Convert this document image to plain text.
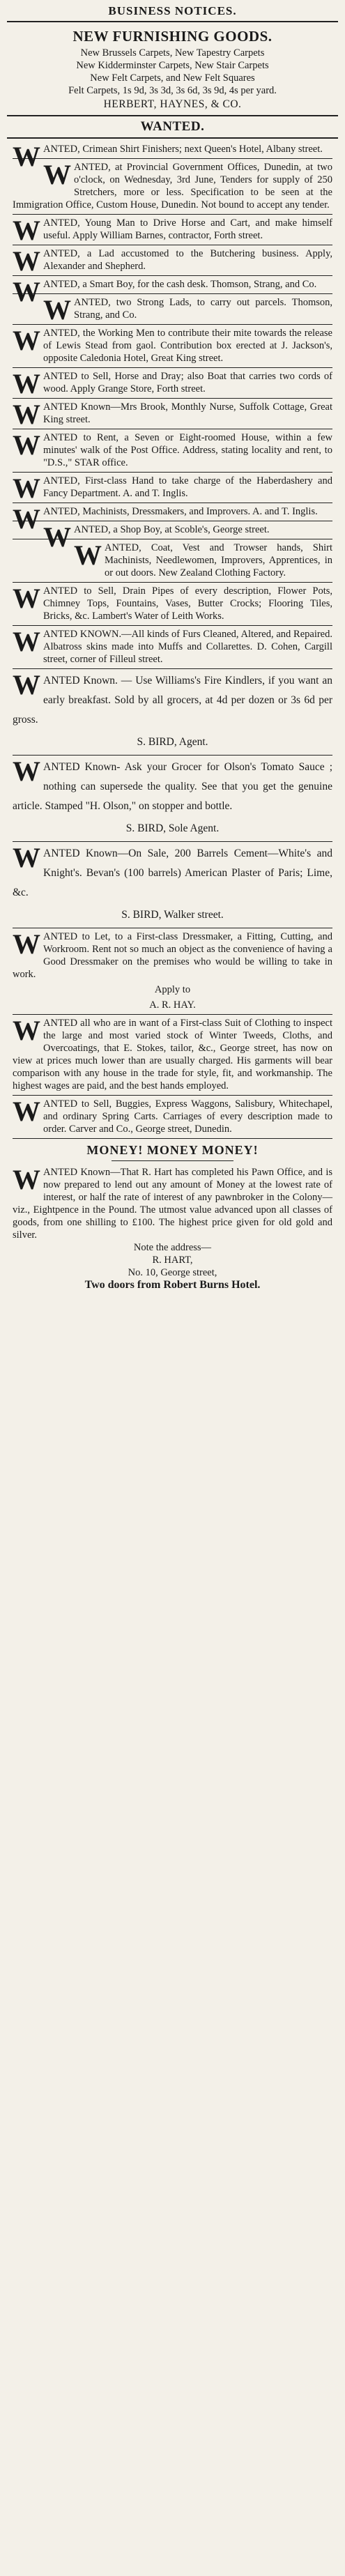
BUSINESS NOTICES.
NEW FURNISHING GOODS.
New Brussels Carpets, New Tapestry Carpets
New Kidderminster Carpets, New Stair Carpets
New Felt Carpets, and New Felt Squares
Felt Carpets, 1s 9d, 3s 3d, 3s 6d, 3s 9d, 4s per yard.
HERBERT, HAYNES, & CO.
WANTED.
WANTED, Crimean Shirt Finishers; next Queen's Hotel, Albany street.
WANTED, at Provincial Government Offices, Dunedin, at two o'clock, on Wednesday, 3rd June, Tenders for supply of 250 Stretchers, more or less. Specification to be seen at the Immigration Office, Custom House, Dunedin. Not bound to accept any tender.
WANTED, Young Man to Drive Horse and Cart, and make himself useful. Apply William Barnes, contractor, Forth street.
WANTED, a Lad accustomed to the Butchering business. Apply, Alexander and Shepherd.
WANTED, a Smart Boy, for the cash desk. Thomson, Strang, and Co.
WANTED, two Strong Lads, to carry out parcels. Thomson, Strang, and Co.
WANTED, the Working Men to contribute their mite towards the release of Lewis Stead from gaol. Contribution box erected at J. Jackson's, opposite Caledonia Hotel, Great King street.
WANTED to Sell, Horse and Dray; also Boat that carries two cords of wood. Apply Grange Store, Forth street.
WANTED Known—Mrs Brook, Monthly Nurse, Suffolk Cottage, Great King street.
WANTED to Rent, a Seven or Eight-roomed House, within a few minutes' walk of the Post Office. Address, stating locality and rent, to "D.S.," STAR office.
WANTED, First-class Hand to take charge of the Haberdashery and Fancy Department. A. and T. Inglis.
WANTED, Machinists, Dressmakers, and Improvers. A. and T. Inglis.
WANTED, a Shop Boy, at Scoble's, George street.
WANTED, Coat, Vest and Trowser hands, Shirt Machinists, Needlewomen, Improvers, Apprentices, in or out doors. New Zealand Clothing Factory.
WANTED to Sell, Drain Pipes of every description, Flower Pots, Chimney Tops, Fountains, Vases, Butter Crocks; Flooring Tiles, Bricks, &c. Lambert's Water of Leith Works.
WANTED KNOWN.—All kinds of Furs Cleaned, Altered, and Repaired. Albatross skins made into Muffs and Collarettes. D. Cohen, Cargill street, corner of Filleul street.
WANTED Known. — Use Williams's Fire Kindlers, if you want an early breakfast. Sold by all grocers, at 4d per dozen or 3s 6d per gross.
S. BIRD, Agent.
WANTED Known- Ask your Grocer for Olson's Tomato Sauce ; nothing can supersede the quality. See that you get the genuine article. Stamped "H. Olson," on stopper and bottle.
S. BIRD, Sole Agent.
WANTED Known—On Sale, 200 Barrels Cement—White's and Knight's. Bevan's (100 barrels) American Plaster of Paris; Lime, &c.
S. BIRD, Walker street.
WANTED to Let, to a First-class Dressmaker, a Fitting, Cutting, and Workroom. Rent not so much an object as the convenience of having a Good Dressmaker on the premises who would be willing to take in work.
Apply to
A. R. HAY.
WANTED all who are in want of a First-class Suit of Clothing to inspect the large and most varied stock of Winter Tweeds, Cloths, and Overcoatings, that E. Stokes, tailor, &c., George street, has now on view at prices much lower than are usually charged. His garments will bear comparison with any house in the trade for style, fit, and workmanship. The highest wages are paid, and the best hands employed.
WANTED to Sell, Buggies, Express Waggons, Salisbury, Whitechapel, and ordinary Spring Carts. Carriages of every description made to order. Carver and Co., George street, Dunedin.
MONEY! MONEY MONEY!
W ANTED Known—That R. Hart has completed his Pawn Office, and is now prepared to lend out any amount of Money at the lowest rate of interest, or half the rate of interest of any pawnbroker in the Colony—viz., Eightpence in the Pound. The utmost value advanced upon all classes of goods, from one shilling to £100. The highest price given for old gold and silver.

Note the address—

R. HART,

No. 10, George street,

Two doors from Robert Burns Hotel.
